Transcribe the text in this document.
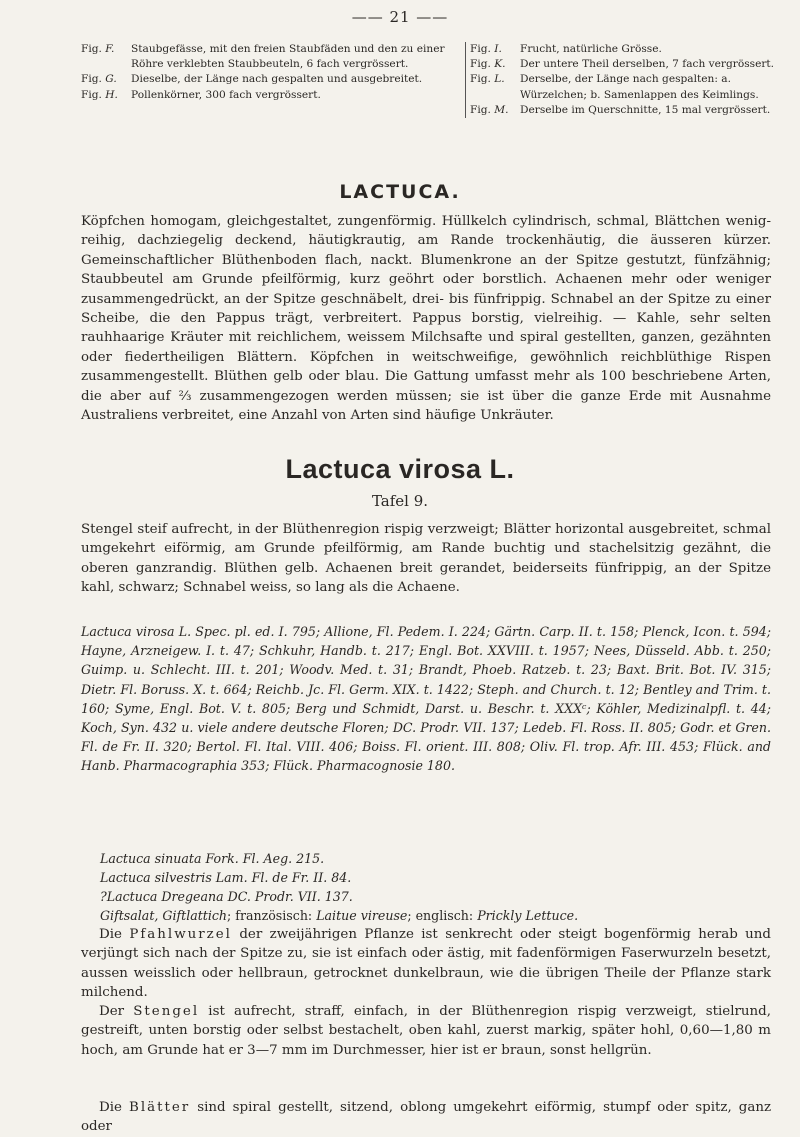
—— 21 ——
Fig. F.	Staubgefässe, mit den freien Staubfäden und den zu einer Röhre verklebten Staubbeuteln, 6 fach vergrössert.
Fig. G.	Dieselbe, der Länge nach gespalten und ausgebreitet.
Fig. H.	Pollenkörner, 300 fach vergrössert.
Fig. I.	Frucht, natürliche Grösse.
Fig. K.	Der untere Theil derselben, 7 fach vergrössert.
Fig. L.	Derselbe, der Länge nach gespalten: a. Würzelchen; b. Samenlappen des Keimlings.
Fig. M.	Derselbe im Querschnitte, 15 mal vergrössert.
LACTUCA.

Köpfchen homogam, gleichgestaltet, zungenförmig. Hüllkelch cylindrisch, schmal, Blättchen wenig-reihig, dachziegelig deckend, häutigkrautig, am Rande trockenhäutig, die äusseren kürzer. Gemeinschaftlicher Blüthenboden flach, nackt. Blumenkrone an der Spitze gestutzt, fünfzähnig; Staubbeutel am Grunde pfeilförmig, kurz geöhrt oder borstlich. Achaenen mehr oder weniger zusammengedrückt, an der Spitze geschnäbelt, drei- bis fünfrippig. Schnabel an der Spitze zu einer Scheibe, die den Pappus trägt, verbreitert. Pappus borstig, vielreihig. — Kahle, sehr selten rauhhaarige Kräuter mit reichlichem, weissem Milchsafte und spiral gestellten, ganzen, gezähnten oder fiedertheiligen Blättern. Köpfchen in weitschweifige, gewöhnlich reichblüthige Rispen zusammengestellt. Blüthen gelb oder blau. Die Gattung umfasst mehr als 100 beschriebene Arten, die aber auf ⅔ zusammengezogen werden müssen; sie ist über die ganze Erde mit Ausnahme Australiens verbreitet, eine Anzahl von Arten sind häufige Unkräuter.

Lactuca virosa L.
Tafel 9.

Stengel steif aufrecht, in der Blüthenregion rispig verzweigt; Blätter horizontal ausgebreitet, schmal umgekehrt eiförmig, am Grunde pfeilförmig, am Rande buchtig und stachelsitzig gezähnt, die oberen ganzrandig. Blüthen gelb. Achaenen breit gerandet, beiderseits fünfrippig, an der Spitze kahl, schwarz; Schnabel weiss, so lang als die Achaene.

Lactuca virosa L. Spec. pl. ed. I. 795; Allione, Fl. Pedem. I. 224; Gärtn. Carp. II. t. 158; Plenck, Icon. t. 594; Hayne, Arzneigew. I. t. 47; Schkuhr, Handb. t. 217; Engl. Bot. XXVIII. t. 1957; Nees, Düsseld. Abb. t. 250; Guimp. u. Schlecht. III. t. 201; Woodv. Med. t. 31; Brandt, Phoeb. Ratzeb. t. 23; Baxt. Brit. Bot. IV. 315; Dietr. Fl. Boruss. X. t. 664; Reichb. Jc. Fl. Germ. XIX. t. 1422; Steph. and Church. t. 12; Bentley and Trim. t. 160; Syme, Engl. Bot. V. t. 805; Berg und Schmidt, Darst. u. Beschr. t. XXXᶜ; Köhler, Medizinalpfl. t. 44; Koch, Syn. 432 u. viele andere deutsche Floren; DC. Prodr. VII. 137; Ledeb. Fl. Ross. II. 805; Godr. et Gren. Fl. de Fr. II. 320; Bertol. Fl. Ital. VIII. 406; Boiss. Fl. orient. III. 808; Oliv. Fl. trop. Afr. III. 453; Flück. and Hanb. Pharmacographia 353; Flück. Pharmacognosie 180.

Lactuca sinuata Fork. Fl. Aeg. 215.
Lactuca silvestris Lam. Fl. de Fr. II. 84.
?Lactuca Dregeana DC. Prodr. VII. 137.
Giftsalat, Giftlattich; französisch: Laitue vireuse; englisch: Prickly Lettuce.

Die Pfahlwurzel der zweijährigen Pflanze ist senkrecht oder steigt bogenförmig herab und verjüngt sich nach der Spitze zu, sie ist einfach oder ästig, mit fadenförmigen Faserwurzeln besetzt, aussen weisslich oder hellbraun, getrocknet dunkelbraun, wie die übrigen Theile der Pflanze stark milchend.

Der Stengel ist aufrecht, straff, einfach, in der Blüthenregion rispig verzweigt, stielrund, gestreift, unten borstig oder selbst bestachelt, oben kahl, zuerst markig, später hohl, 0,60—1,80 m hoch, am Grunde hat er 3—7 mm im Durchmesser, hier ist er braun, sonst hellgrün.

Die Blätter sind spiral gestellt, sitzend, oblong umgekehrt eiförmig, stumpf oder spitz, ganz oder
